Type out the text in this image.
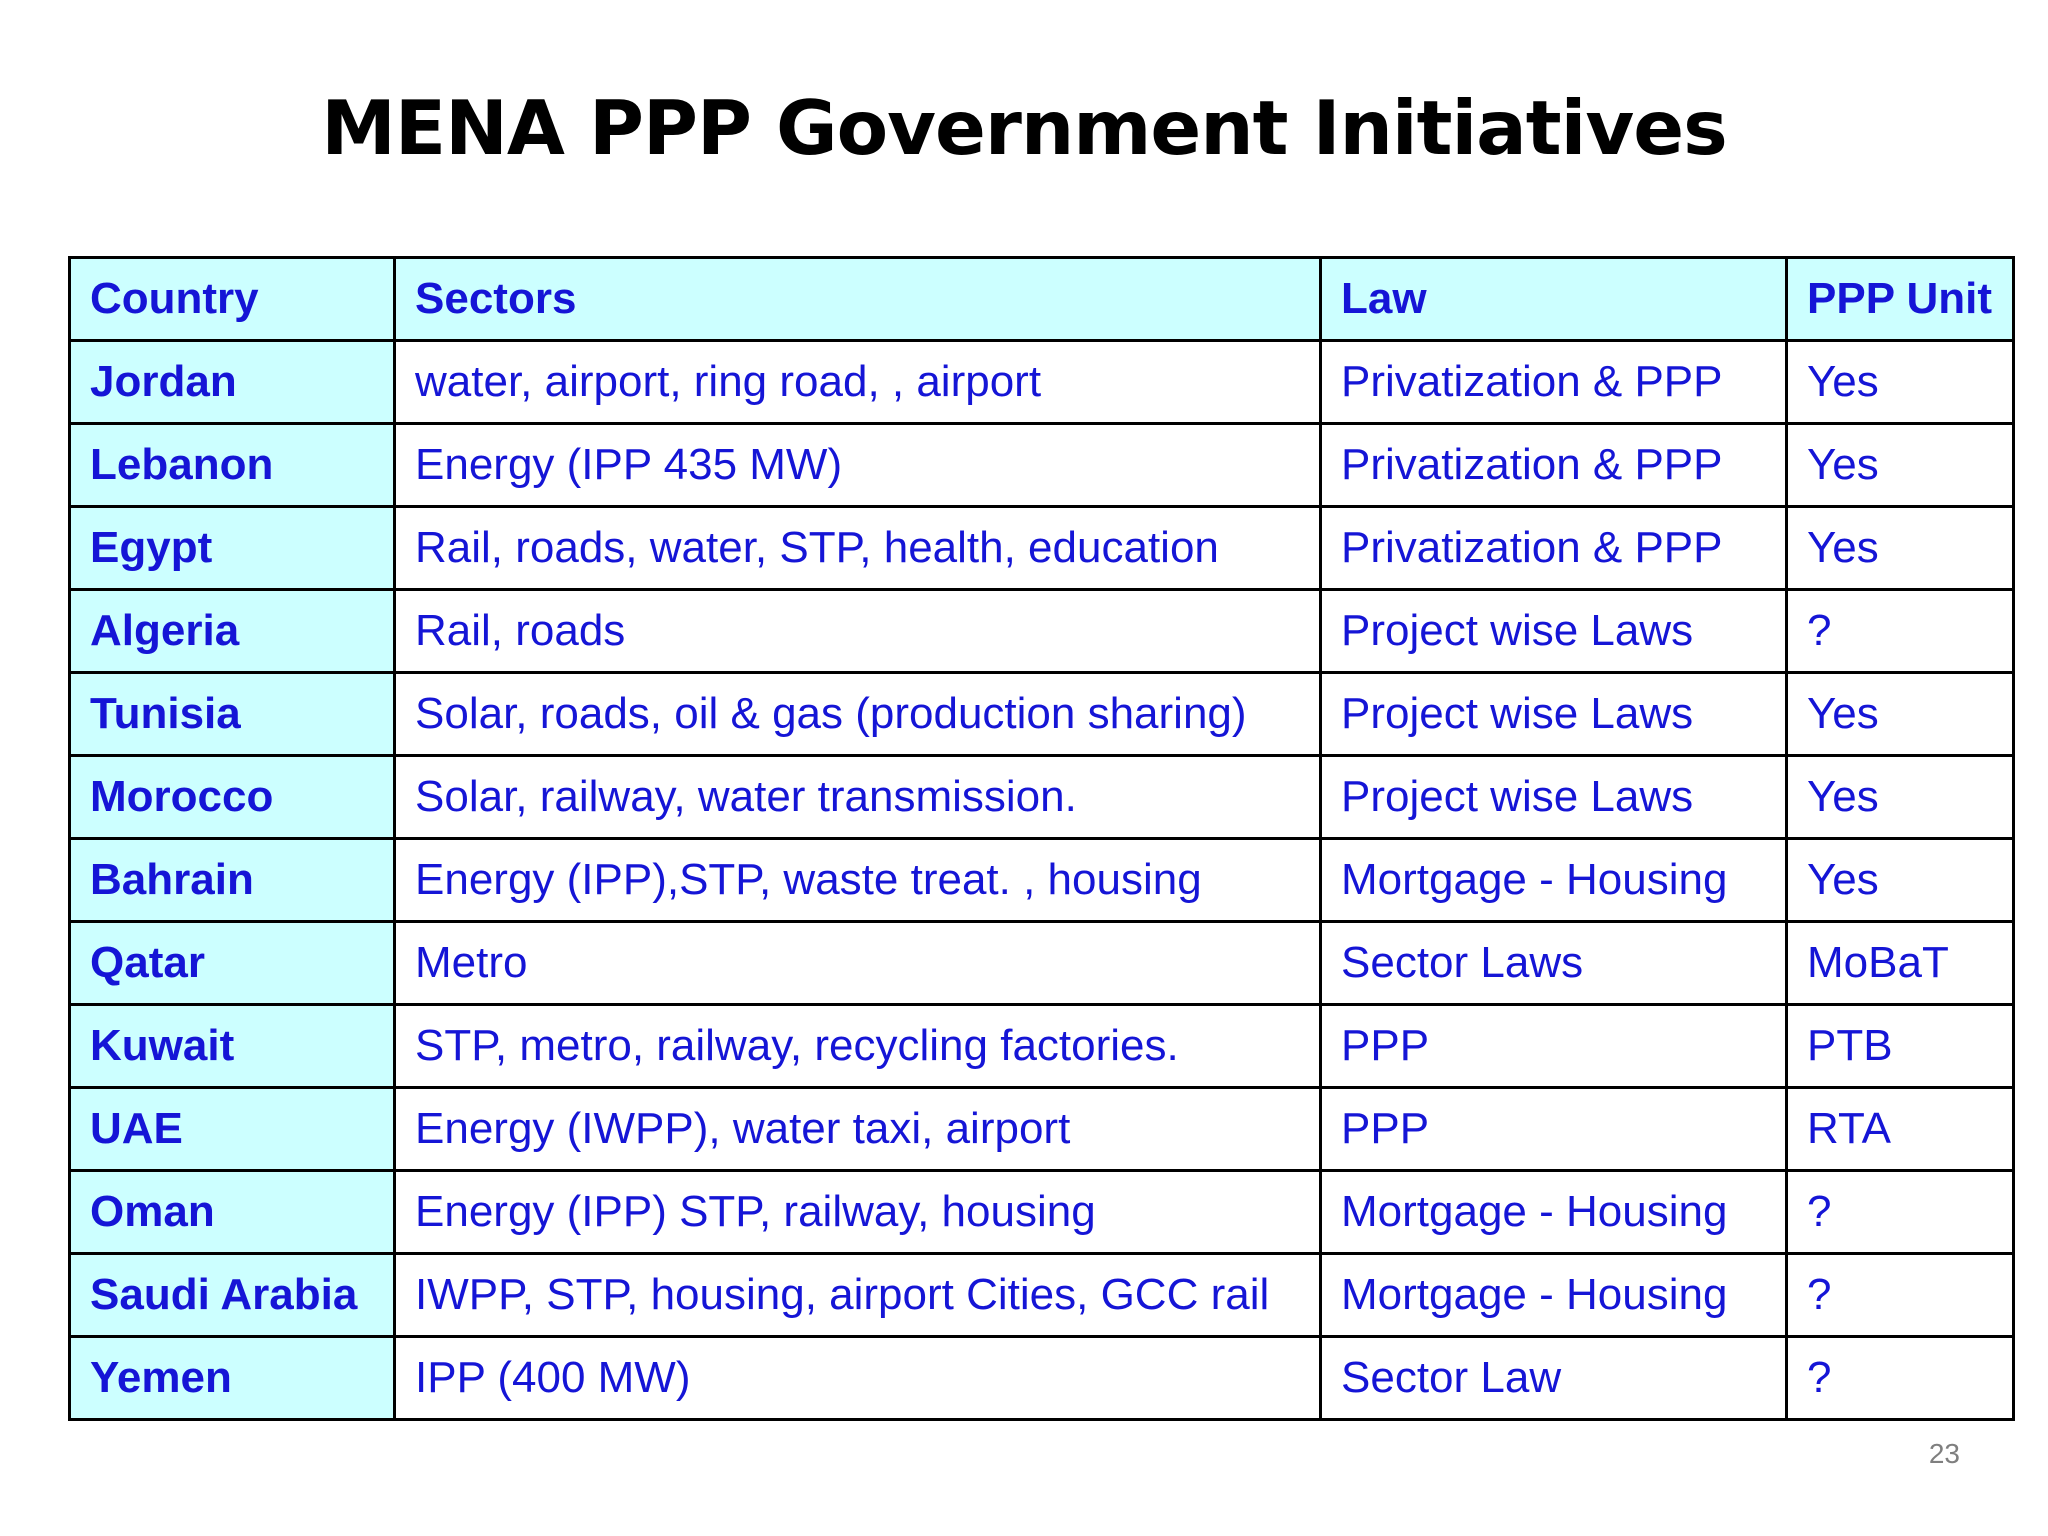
MENA PPP Government Initiatives
Country	Sectors	Law	PPP Unit
Jordan	water, airport, ring road, , airport	Privatization & PPP	Yes
Lebanon	Energy (IPP 435 MW)	Privatization & PPP	Yes
Egypt	Rail, roads, water, STP, health, education	Privatization & PPP	Yes
Algeria	Rail, roads	Project wise Laws	?
Tunisia	Solar, roads, oil & gas (production sharing)	Project wise Laws	Yes
Morocco	Solar, railway, water transmission.	Project wise Laws	Yes
Bahrain	Energy (IPP),STP, waste treat. , housing	Mortgage - Housing	Yes
Qatar	Metro	Sector Laws	MoBaT
Kuwait	STP, metro, railway, recycling factories.	PPP	PTB
UAE	Energy (IWPP), water taxi, airport	PPP	RTA
Oman	Energy (IPP) STP, railway, housing	Mortgage - Housing	?
Saudi Arabia	IWPP, STP, housing, airport Cities, GCC rail	Mortgage - Housing	?
Yemen	IPP (400 MW)	Sector Law	?
23
